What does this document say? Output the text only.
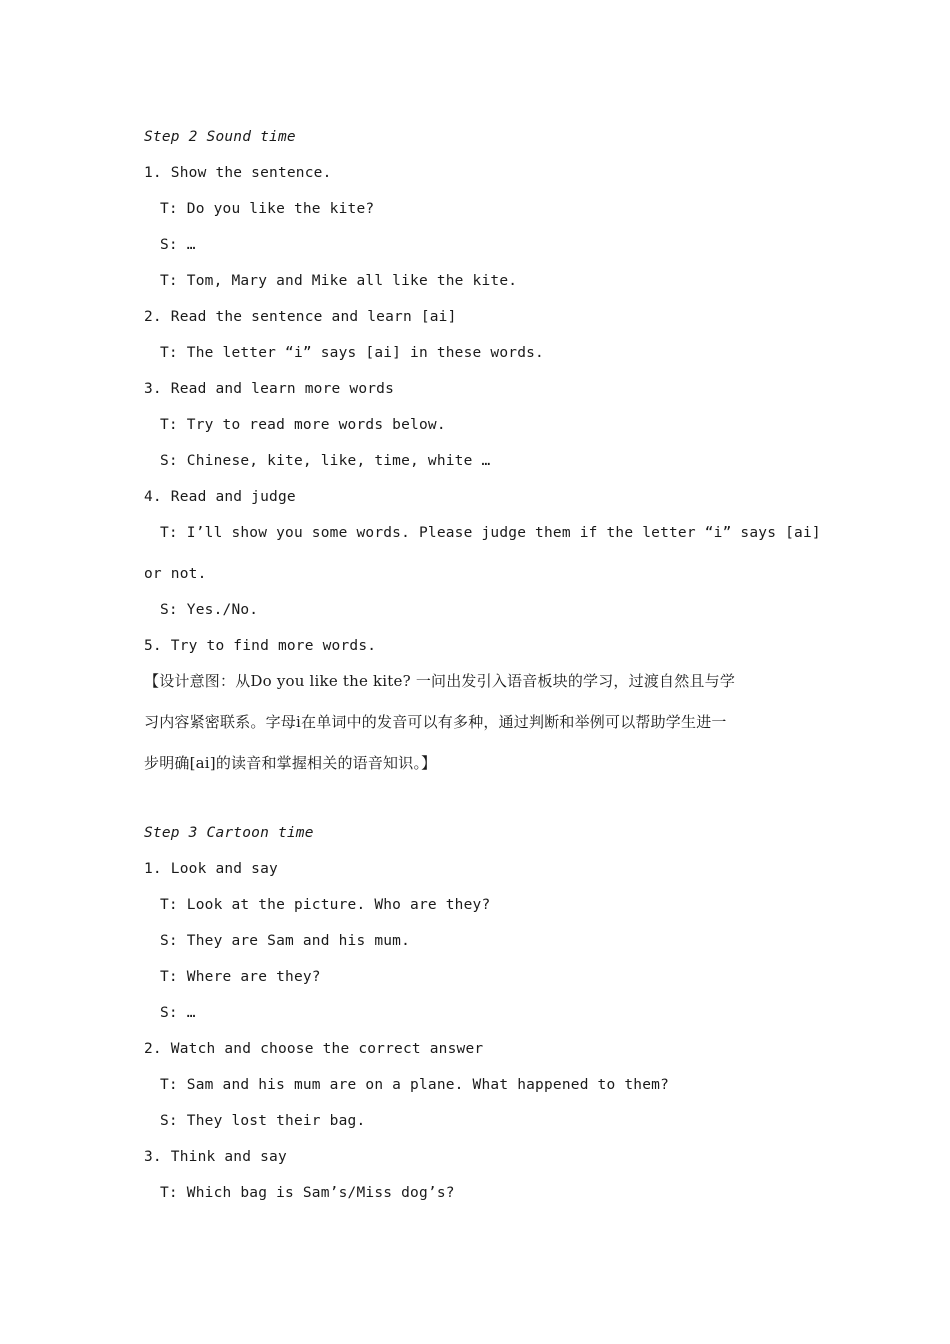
Step 2 Sound time
1. Show the sentence.
T: Do you like the kite?
S: …
T: Tom, Mary and Mike all like the kite.
2. Read the sentence and learn [ai]
T: The letter “i” says [ai] in these words.
3. Read and learn more words
T: Try to read more words below.
S: Chinese, kite, like, time, white …
4. Read and judge
T: I’ll show you some words. Please judge them if the letter “i” says [ai]
or not.
S: Yes./No.
5. Try to find more words.
【设计意图：从Do you like the kite? 一问出发引入语音板块的学习，过渡自然且与学
习内容紧密联系。字母i在单词中的发音可以有多种，通过判断和举例可以帮助学生进一
步明确[ai]的读音和掌握相关的语音知识。】
Step 3 Cartoon time
1. Look and say
T: Look at the picture. Who are they?
S: They are Sam and his mum.
T: Where are they?
S: …
2. Watch and choose the correct answer
T: Sam and his mum are on a plane. What happened to them?
S: They lost their bag.
3. Think and say
T: Which bag is Sam’s/Miss dog’s?
